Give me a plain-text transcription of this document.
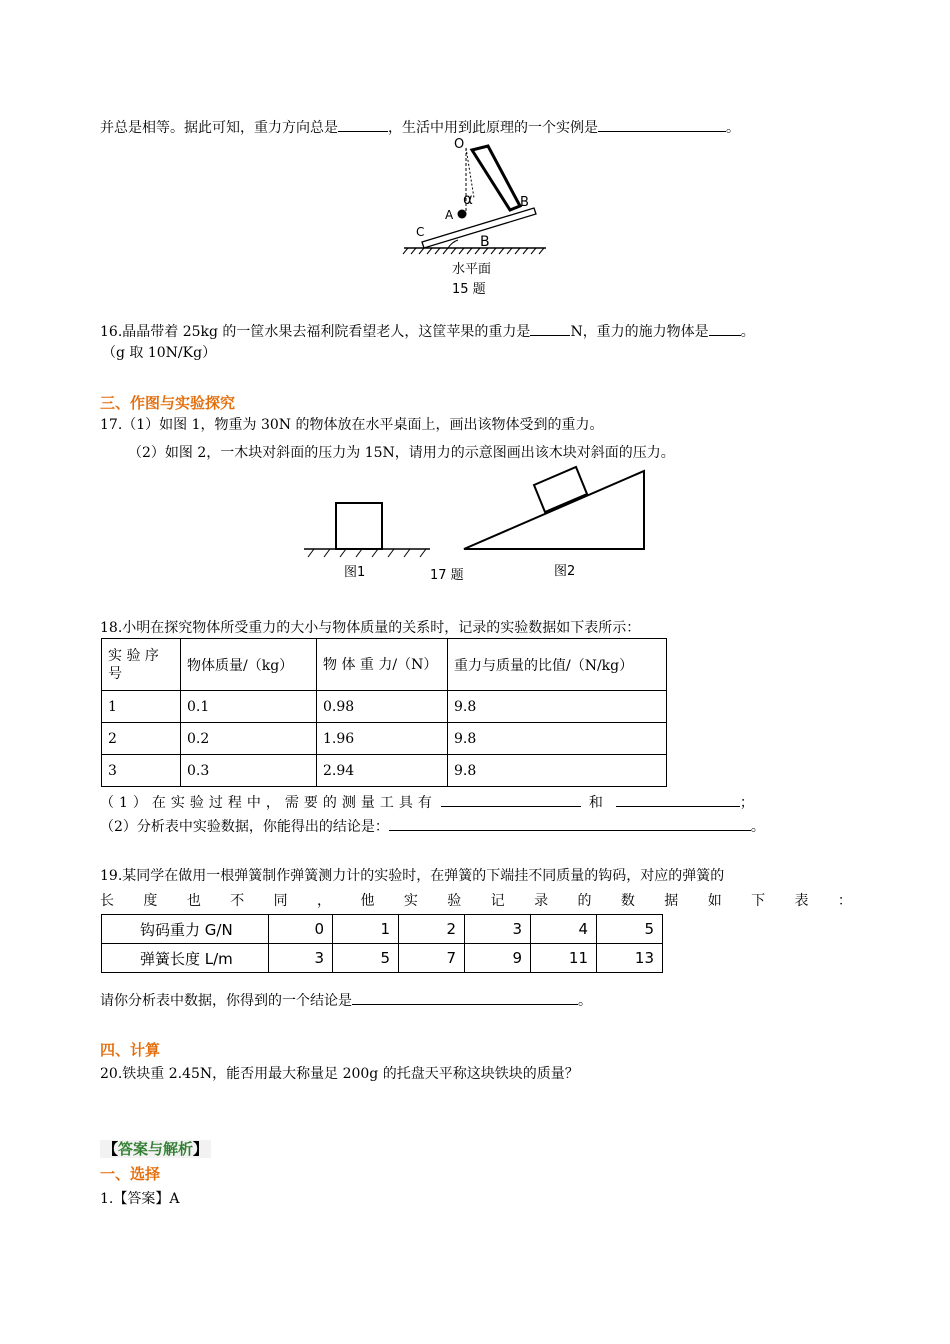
并总是相等。据此可知，重力方向总是	，生活中用到此原理的一个实例是	。
O
α
A
B
C
B
水平面
15 题
16.晶晶带着 25kg 的一筐水果去福利院看望老人，这筐苹果的重力是	N，重力的施力物体是 。
（g 取 10N/Kg）
三、作图与实验探究
17.（1）如图 1，物重为 30N 的物体放在水平桌面上，画出该物体受到的重力。
（2）如图 2，一木块对斜面的压力为 15N，请用力的示意图画出该木块对斜面的压力。
图1	17 题	图2
18.小明在探究物体所受重力的大小与物体质量的关系时，记录的实验数据如下表所示：
实 验 序 号	物体质量/（kg）	物 体 重 力/（N）	重力与质量的比值/（N/kg）
1	0.1	0.98	9.8
2	0.2	1.96	9.8
3	0.3	2.94	9.8
（1）在实验过程中，需要的测量工具有	和	；
（2）分析表中实验数据，你能得出的结论是：	。
19.某同学在做用一根弹簧制作弹簧测力计的实验时，在弹簧的下端挂不同质量的钩码，对应的弹簧的
长 度 也 不 同 ， 他 实 验 记 录 的 数 据 如 下 表 ：
钩码重力 G/N	0	1	2	3	4	5
弹簧长度 L/m	3	5	7	9	11	13
请你分析表中数据，你得到的一个结论是	。
四、计算
20.铁块重 2.45N，能否用最大称量足 200g 的托盘天平称这块铁块的质量？
【答案与解析】
一、选择
1.【答案】A
